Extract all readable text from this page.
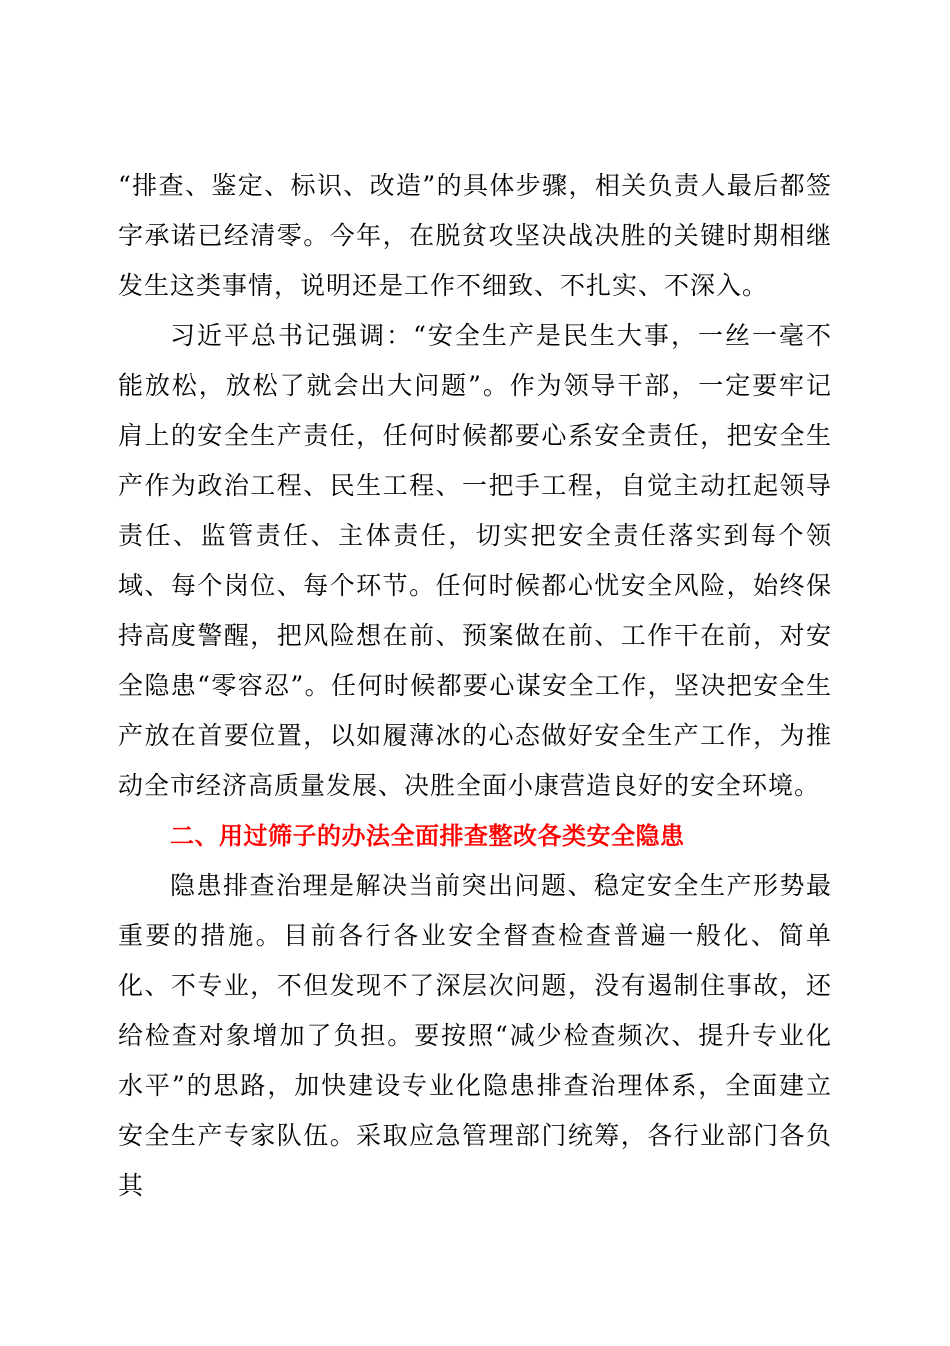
“排查、鉴定、标识、改造”的具体步骤，相关负责人最后都签字承诺已经清零。今年，在脱贫攻坚决战决胜的关键时期相继发生这类事情，说明还是工作不细致、不扎实、不深入。

习近平总书记强调：“安全生产是民生大事，一丝一毫不能放松，放松了就会出大问题”。作为领导干部，一定要牢记肩上的安全生产责任，任何时候都要心系安全责任，把安全生产作为政治工程、民生工程、一把手工程，自觉主动扛起领导责任、监管责任、主体责任，切实把安全责任落实到每个领域、每个岗位、每个环节。任何时候都心忧安全风险，始终保持高度警醒，把风险想在前、预案做在前、工作干在前，对安全隐患“零容忍”。任何时候都要心谋安全工作，坚决把安全生产放在首要位置，以如履薄冰的心态做好安全生产工作，为推动全市经济高质量发展、决胜全面小康营造良好的安全环境。

二、用过筛子的办法全面排查整改各类安全隐患

隐患排查治理是解决当前突出问题、稳定安全生产形势最重要的措施。目前各行各业安全督查检查普遍一般化、简单化、不专业，不但发现不了深层次问题，没有遏制住事故，还给检查对象增加了负担。要按照“减少检查频次、提升专业化水平”的思路，加快建设专业化隐患排查治理体系，全面建立安全生产专家队伍。采取应急管理部门统筹，各行业部门各负其
